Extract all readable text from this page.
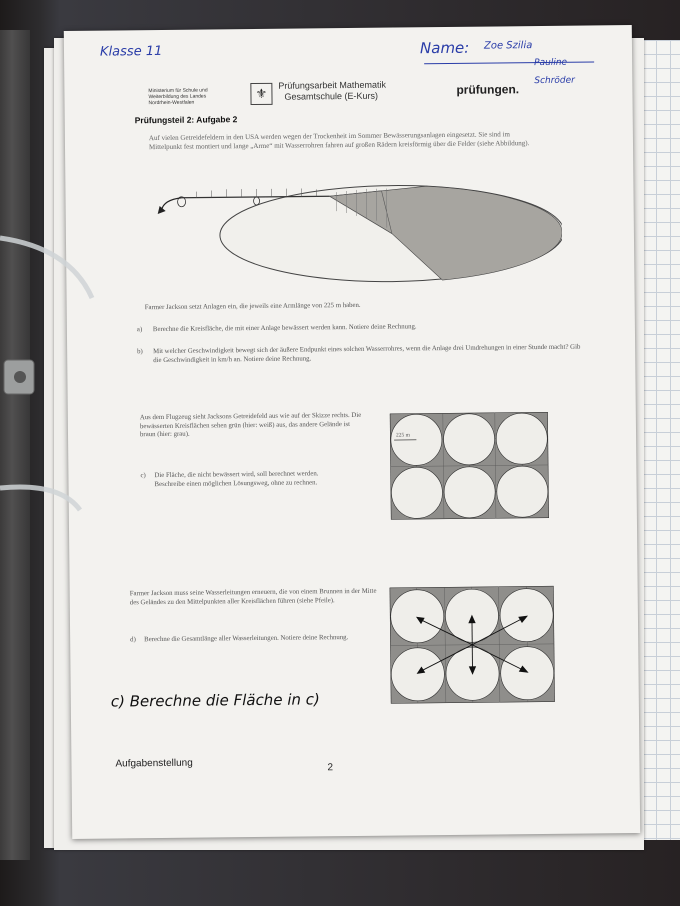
Klasse 11	Name: Zoe Szilia
Pauline
Schröder
Ministerium für Schule und Weiterbildung des Landes Nordrhein-Westfalen
⚜
Prüfungsarbeit Mathematik
Gesamtschule (E-Kurs)	prüfungen.
Prüfungsteil 2: Aufgabe 2
Auf vielen Getreidefeldern in den USA werden wegen der Trockenheit im Sommer Bewässerungsanlagen eingesetzt. Sie sind im Mittelpunkt fest montiert und lange „Arme“ mit Wasserrohren fahren auf großen Rädern kreisförmig über die Felder (siehe Abbildung).
Farmer Jackson setzt Anlagen ein, die jeweils eine Armlänge von 225 m haben.
a) Berechne die Kreisfläche, die mit einer Anlage bewässert werden kann. Notiere deine Rechnung.
b) Mit welcher Geschwindigkeit bewegt sich der äußere Endpunkt eines solchen Wasserrohres, wenn die Anlage drei Umdrehungen in einer Stunde macht? Gib die Geschwindigkeit in km/h an. Notiere deine Rechnung.
Aus dem Flugzeug sieht Jacksons Getreidefeld aus wie auf der Skizze rechts. Die bewässerten Kreisflächen sehen grün (hier: weiß) aus, das andere Gelände ist braun (hier: grau).	225 m
c) Die Fläche, die nicht bewässert wird, soll berechnet werden. Beschreibe einen möglichen Lösungsweg, ohne zu rechnen.
Farmer Jackson muss seine Wasserleitungen erneuern, die von einem Brunnen in der Mitte des Geländes zu den Mittelpunkten aller Kreisflächen führen (siehe Pfeile).
d) Berechne die Gesamtlänge aller Wasserleitungen. Notiere deine Rechnung.
c) Berechne die Fläche in c)
Aufgabenstellung	2
